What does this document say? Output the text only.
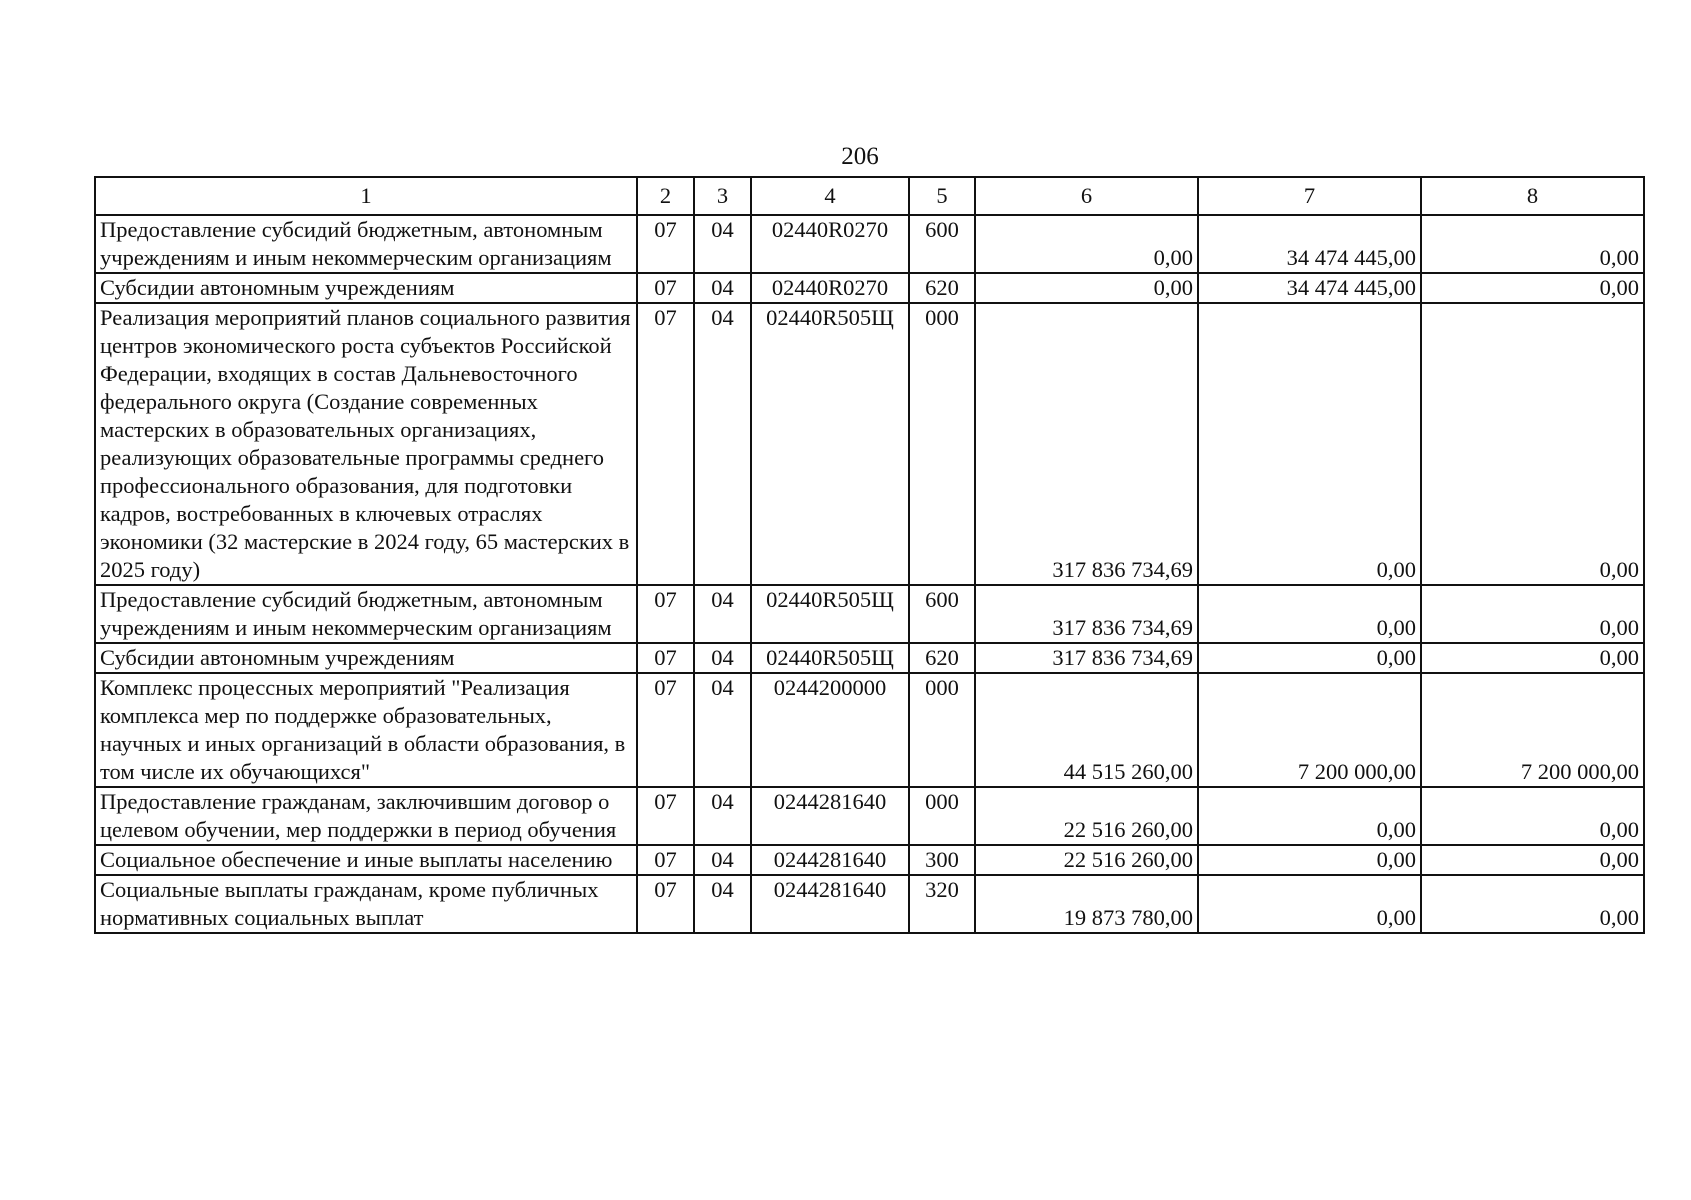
206
1	2	3	4	5	6	7	8
Предоставление субсидий бюджетным, автономным учреждениям и иным некоммерческим организациям	07	04	02440R0270	600	0,00	34 474 445,00	0,00
Субсидии автономным учреждениям	07	04	02440R0270	620	0,00	34 474 445,00	0,00
Реализация мероприятий планов социального развития центров экономического роста субъектов Российской Федерации, входящих в состав Дальневосточного федерального округа (Создание современных мастерских в образовательных организациях, реализующих образовательные программы среднего профессионального образования, для подготовки кадров, востребованных в ключевых отраслях экономики (32 мастерские в 2024 году, 65 мастерских в 2025 году)	07	04	02440R505Щ	000	317 836 734,69	0,00	0,00
Предоставление субсидий бюджетным, автономным учреждениям и иным некоммерческим организациям	07	04	02440R505Щ	600	317 836 734,69	0,00	0,00
Субсидии автономным учреждениям	07	04	02440R505Щ	620	317 836 734,69	0,00	0,00
Комплекс процессных мероприятий "Реализация комплекса мер по поддержке образовательных, научных и иных организаций в области образования, в том числе их обучающихся"	07	04	0244200000	000	44 515 260,00	7 200 000,00	7 200 000,00
Предоставление гражданам, заключившим договор о целевом обучении, мер поддержки в период обучения	07	04	0244281640	000	22 516 260,00	0,00	0,00
Социальное обеспечение и иные выплаты населению	07	04	0244281640	300	22 516 260,00	0,00	0,00
Социальные выплаты гражданам, кроме публичных нормативных социальных выплат	07	04	0244281640	320	19 873 780,00	0,00	0,00
